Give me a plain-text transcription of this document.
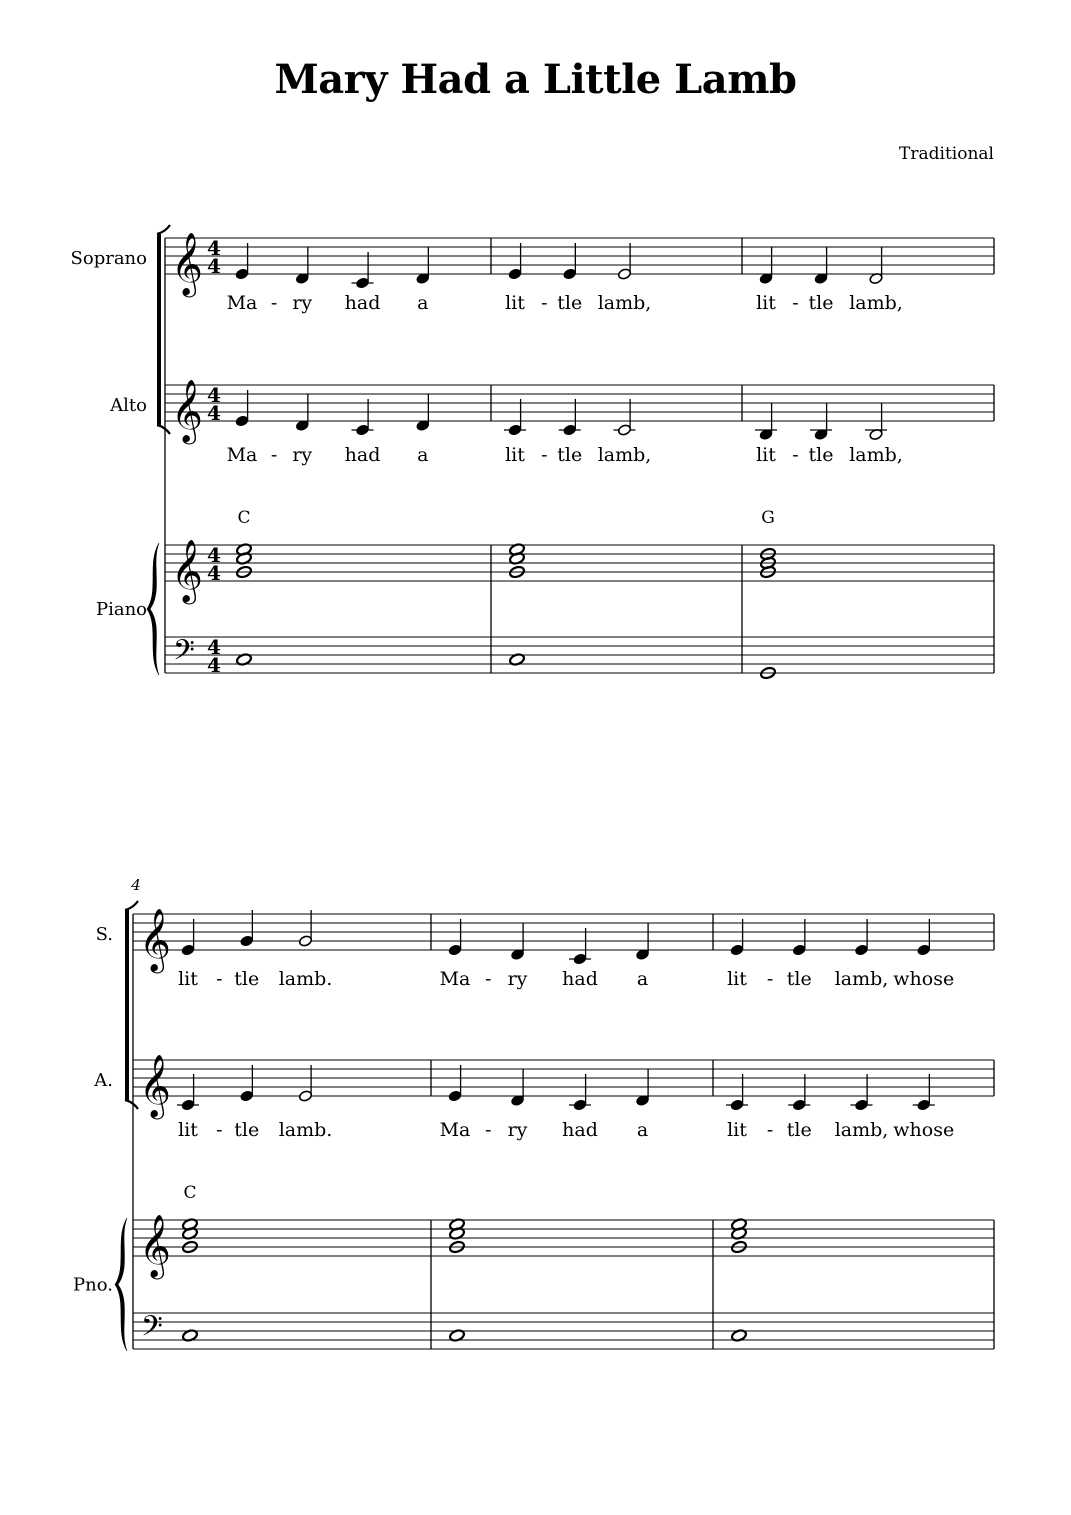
Mary Had a Little Lamb
Traditional
Soprano
Alto
Piano
𝄞
𝄞
𝄞
𝄢
4
4
4
4
4
4
4
4
C	G
Ma - ry had a	lit - tle lamb,	lit - tle lamb,
Ma - ry had a	lit - tle lamb,	lit - tle lamb,
S.
A.
Pno.
4
𝄞
𝄞
𝄞
𝄢
C
lit - tle lamb.	Ma - ry had a	lit - tle lamb, whose
lit - tle lamb.	Ma - ry had a	lit - tle lamb, whose
